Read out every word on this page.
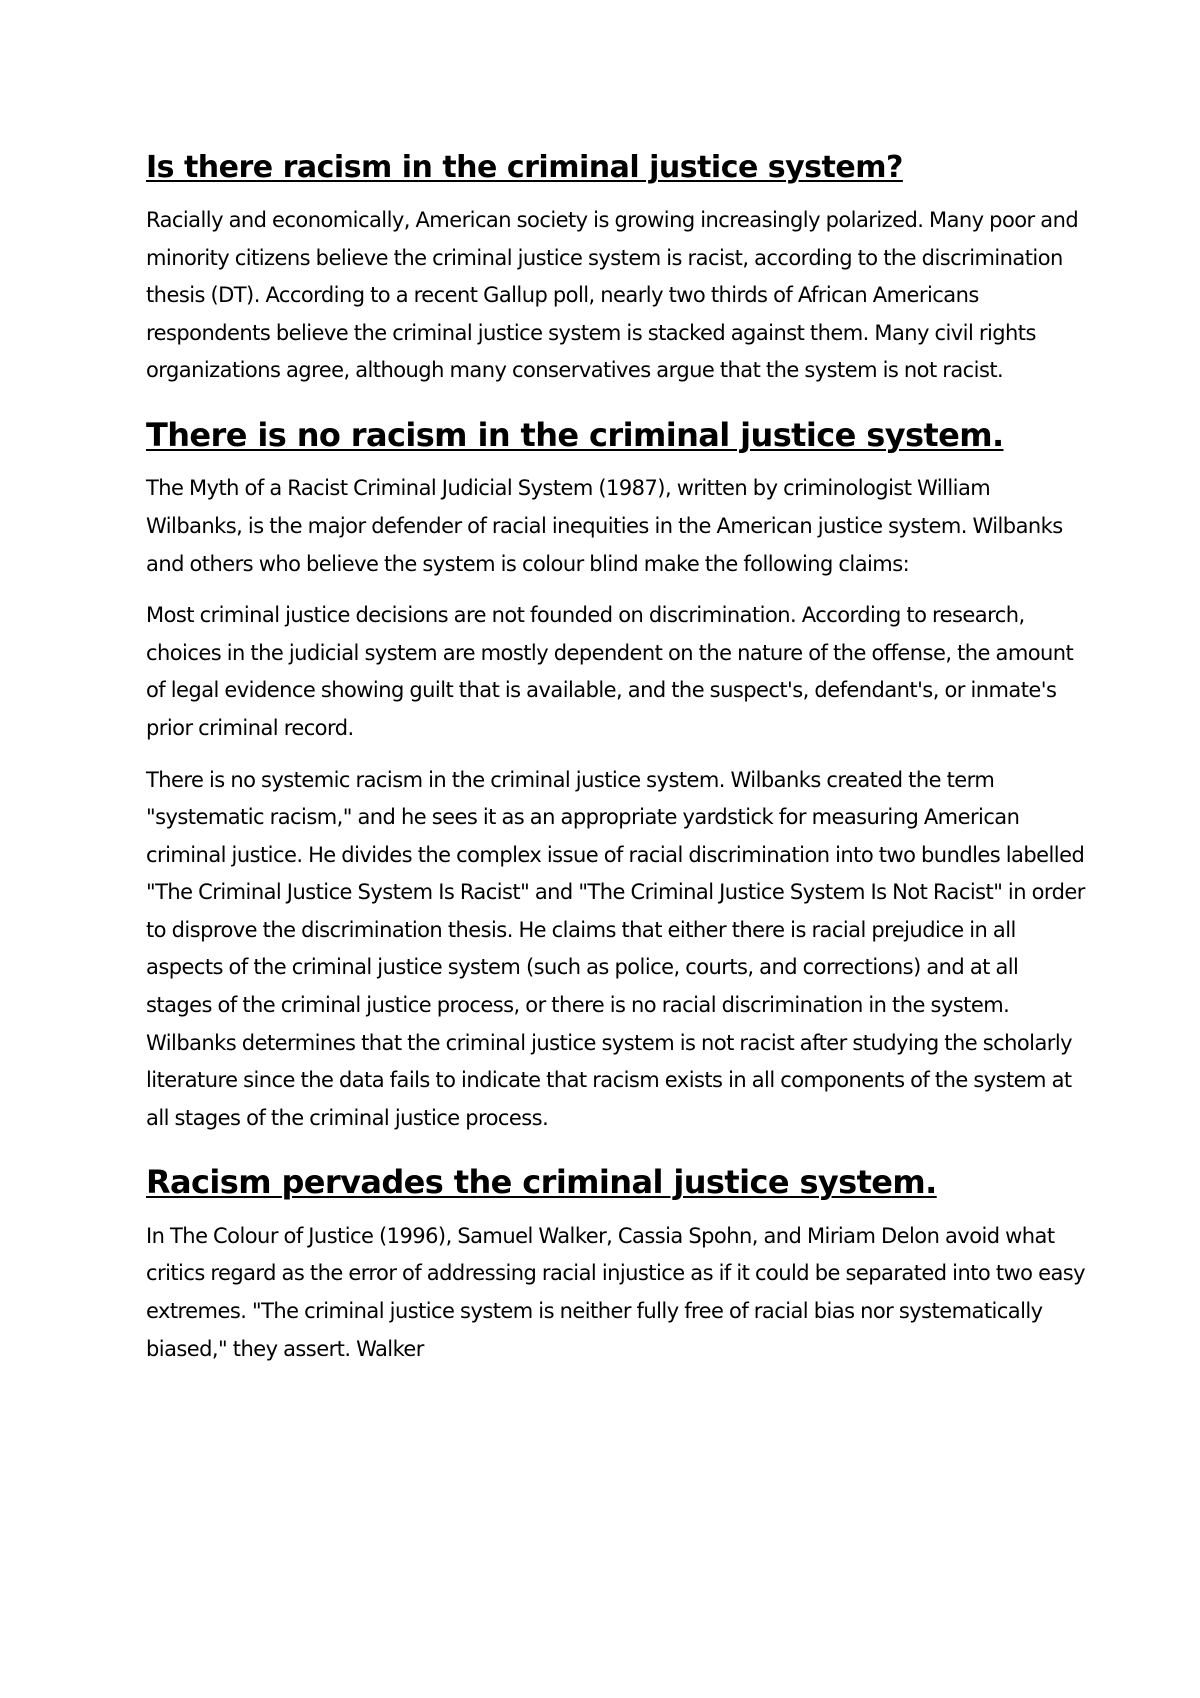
Is there racism in the criminal justice system?

Racially and economically, American society is growing increasingly polarized. Many poor and minority citizens believe the criminal justice system is racist, according to the discrimination thesis (DT). According to a recent Gallup poll, nearly two thirds of African Americans respondents believe the criminal justice system is stacked against them. Many civil rights organizations agree, although many conservatives argue that the system is not racist.

There is no racism in the criminal justice system.

The Myth of a Racist Criminal Judicial System (1987), written by criminologist William Wilbanks, is the major defender of racial inequities in the American justice system. Wilbanks and others who believe the system is colour blind make the following claims:

Most criminal justice decisions are not founded on discrimination. According to research, choices in the judicial system are mostly dependent on the nature of the offense, the amount of legal evidence showing guilt that is available, and the suspect's, defendant's, or inmate's prior criminal record.

There is no systemic racism in the criminal justice system. Wilbanks created the term "systematic racism," and he sees it as an appropriate yardstick for measuring American criminal justice. He divides the complex issue of racial discrimination into two bundles labelled "The Criminal Justice System Is Racist" and "The Criminal Justice System Is Not Racist" in order to disprove the discrimination thesis. He claims that either there is racial prejudice in all aspects of the criminal justice system (such as police, courts, and corrections) and at all stages of the criminal justice process, or there is no racial discrimination in the system. Wilbanks determines that the criminal justice system is not racist after studying the scholarly literature since the data fails to indicate that racism exists in all components of the system at all stages of the criminal justice process.

Racism pervades the criminal justice system.

In The Colour of Justice (1996), Samuel Walker, Cassia Spohn, and Miriam Delon avoid what critics regard as the error of addressing racial injustice as if it could be separated into two easy extremes. "The criminal justice system is neither fully free of racial bias nor systematically biased," they assert. Walker
